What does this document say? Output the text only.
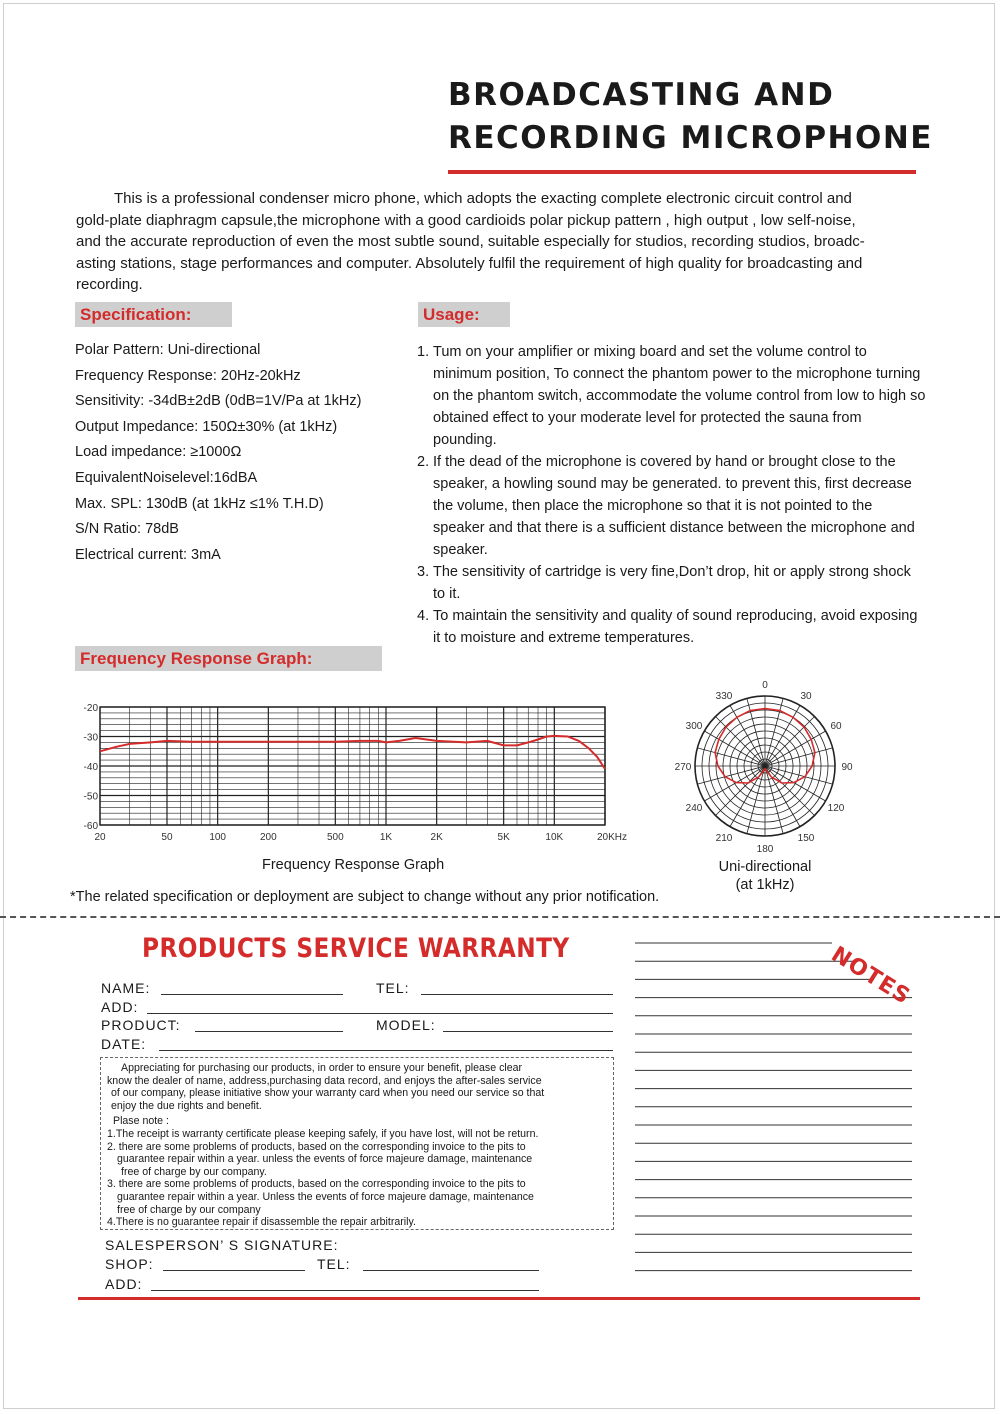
BROADCASTING AND
RECORDING MICROPHONE

This is a professional condenser micro phone, which adopts the exacting complete electronic circuit control and

gold-plate diaphragm capsule,the microphone with a good cardioids polar pickup pattern , high output , low self-noise,
and the accurate reproduction of even the most subtle sound, suitable especially for studios, recording studios, broadc-
asting stations, stage performances and computer. Absolutely fulfil the requirement of high quality for broadcasting and
recording.
Specification:
Polar Pattern: Uni-directional
Frequency Response: 20Hz-20kHz
Sensitivity: -34dB±2dB (0dB=1V/Pa at 1kHz)
Output Impedance: 150Ω±30% (at 1kHz)
Load impedance: ≥1000Ω
EquivalentNoiselevel:16dBA
Max. SPL: 130dB (at 1kHz ≤1% T.H.D)
S/N Ratio: 78dB
Electrical current: 3mA
Usage:
1. Tum on your amplifier or mixing board and set the volume control to minimum position, To connect the phantom power to the microphone turning on the phantom switch, accommodate the volume control from low to high so obtained effect to your moderate level for protected the sauna from pounding.
2. If the dead of the microphone is covered by hand or brought close to the speaker, a howling sound may be generated. to prevent this, first decrease the volume, then place the microphone so that it is not pointed to the speaker and that there is a sufficient distance between the microphone and speaker.
3. The sensitivity of cartridge is very fine,Don’t drop, hit or apply strong shock to it.
4. To maintain the sensitivity and quality of sound reproducing, avoid exposing it to moisture and extreme temperatures.
Frequency Response Graph:
-20
-30
-40
-50
-60
20	50	100	200	500	1K	2K	5K	10K	20KHz
Frequency Response Graph
0
30
60
90
120
150
180
210
240
270
300
330
Uni-directional
(at 1kHz)
*The related specification or deployment are subject to change without any prior notification.
PRODUCTS SERVICE WARRANTY
NAME:	TEL:
ADD:
PRODUCT:	MODEL:
DATE:

Appreciating for purchasing our products, in order to ensure your benefit, please clear

know the dealer of name, address,purchasing data record, and enjoys the after-sales service

of our company, please initiative show your warranty card when you need our service so that

enjoy the due rights and benefit.

Plase note :

1.The receipt is warranty certificate please keeping safely, if you have lost, will not be return.

2. there are some problems of products, based on the corresponding invoice to the pits to

guarantee repair within a year. unless the events of force majeure damage, maintenance

free of charge by our company.

3. there are some problems of products, based on the corresponding invoice to the pits to

guarantee repair within a year. Unless the events of force majeure damage, maintenance

free of charge by our company

4.There is no guarantee repair if disassemble the repair arbitrarily.

SALESPERSON’ S SIGNATURE:
SHOP:	TEL:
ADD:
NOTES
